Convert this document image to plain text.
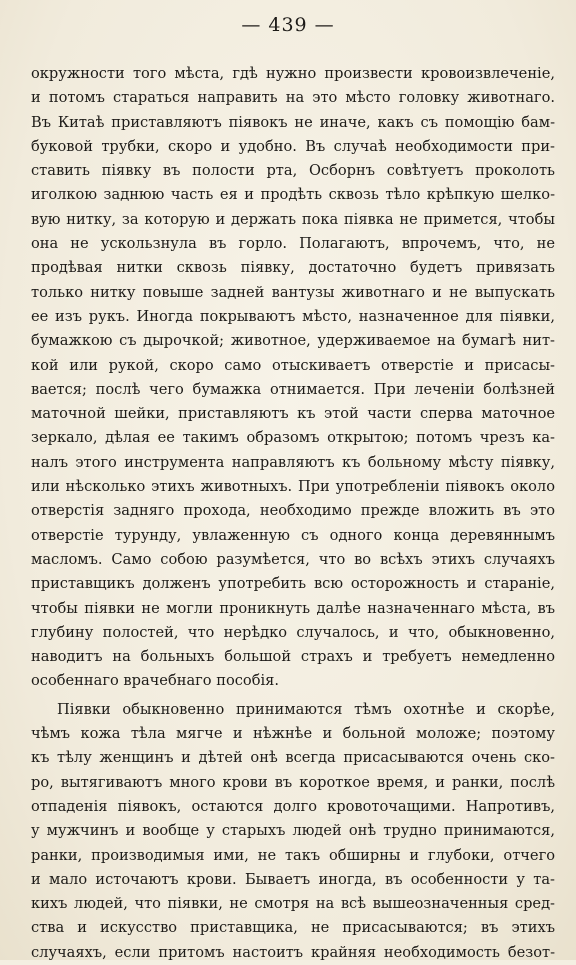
— 439 —
окружности того мѣста, гдѣ нужно произвести кровоизвлеченіе,
и потомъ стараться направить на это мѣсто головку животнаго.
Въ Китаѣ приставляютъ піявокъ не иначе, какъ съ помощію бам-
буковой трубки, скоро и удобно. Въ случаѣ необходимости при-
ставить піявку въ полости рта, Осборнъ совѣтуетъ проколоть
иголкою заднюю часть ея и продѣть сквозь тѣло крѣпкую шелко-
вую нитку, за которую и держать пока піявка не примется, чтобы
она не ускользнула въ горло. Полагаютъ, впрочемъ, что, не
продѣвая нитки сквозь піявку, достаточно будетъ привязать
только нитку повыше задней вантузы животнаго и не выпускать
ее изъ рукъ. Иногда покрываютъ мѣсто, назначенное для піявки,
бумажкою съ дырочкой; животное, удерживаемое на бумагѣ нит-
кой или рукой, скоро само отыскиваетъ отверстіе и присасы-
вается; послѣ чего бумажка отнимается. При леченіи болѣзней
маточной шейки, приставляютъ къ этой части сперва маточное
зеркало, дѣлая ее такимъ образомъ открытою; потомъ чрезъ ка-
налъ этого инструмента направляютъ къ больному мѣсту піявку,
или нѣсколько этихъ животныхъ. При употребленіи піявокъ около
отверстія задняго прохода, необходимо прежде вложить въ это
отверстіе турунду, увлаженную съ одного конца деревяннымъ
масломъ. Само собою разумѣется, что во всѣхъ этихъ случаяхъ
приставщикъ долженъ употребить всю осторожность и стараніе,
чтобы піявки не могли проникнуть далѣе назначеннаго мѣста, въ
глубину полостей, что нерѣдко случалось, и что, обыкновенно,
наводитъ на больныхъ большой страхъ и требуетъ немедленно
особеннаго врачебнаго пособія.
Піявки обыкновенно принимаются тѣмъ охотнѣе и скорѣе,
чѣмъ кожа тѣла мягче и нѣжнѣе и больной моложе; поэтому
къ тѣлу женщинъ и дѣтей онѣ всегда присасываются очень ско-
ро, вытягиваютъ много крови въ короткое время, и ранки, послѣ
отпаденія піявокъ, остаются долго кровоточащими. Напротивъ,
у мужчинъ и вообще у старыхъ людей онѣ трудно принимаются,
ранки, производимыя ими, не такъ обширны и глубоки, отчего
и мало источаютъ крови. Бываетъ иногда, въ особенности у та-
кихъ людей, что піявки, не смотря на всѣ вышеозначенныя сред-
ства и искусство приставщика, не присасываются; въ этихъ
случаяхъ, если притомъ настоитъ крайняя необходимость безот-
